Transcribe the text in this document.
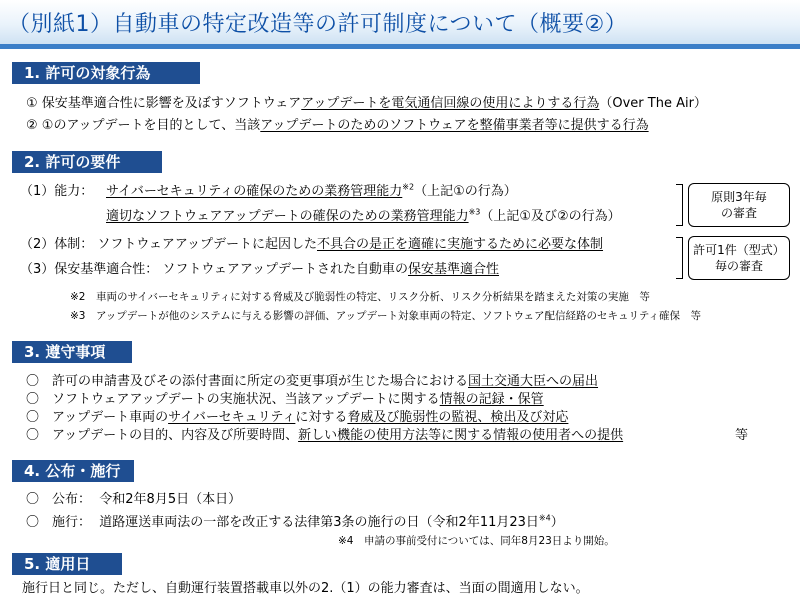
（別紙1）自動車の特定改造等の許可制度について（概要②）
1. 許可の対象行為
① 保安基準適合性に影響を及ぼすソフトウェアアップデートを電気通信回線の使用によりする行為（Over The Air）
② ①のアップデートを目的として、当該アップデートのためのソフトウェアを整備事業者等に提供する行為
2. 許可の要件
（1）能力： サイバーセキュリティの確保のための業務管理能力$^{※2}$（上記①の行為）
適切なソフトウェアアップデートの確保のための業務管理能力$^{※3}$（上記①及び②の行為）
原則3年毎
の審査
（2）体制： ソフトウェアアップデートに起因した不具合の是正を適確に実施するために必要な体制
（3）保安基準適合性： ソフトウェアアップデートされた自動車の保安基準適合性
許可1件（型式）
毎の審査
※2　車両のサイバーセキュリティに対する脅威及び脆弱性の特定、リスク分析、リスク分析結果を踏まえた対策の実施　等
※3　アップデートが他のシステムに与える影響の評価、アップデート対象車両の特定、ソフトウェア配信経路のセキュリティ確保　等
3. 遵守事項
〇 許可の申請書及びその添付書面に所定の変更事項が生じた場合における国土交通大臣への届出
〇 ソフトウェアアップデートの実施状況、当該アップデートに関する情報の記録・保管
〇 アップデート車両のサイバーセキュリティに対する脅威及び脆弱性の監視、検出及び対応
〇 アップデートの目的、内容及び所要時間、新しい機能の使用方法等に関する情報の使用者への提供	等
4. 公布・施行
〇 公布： 令和2年8月5日（本日）
〇 施行： 道路運送車両法の一部を改正する法律第3条の施行の日（令和2年11月23日$^{※4}$）
※4　申請の事前受付については、同年8月23日より開始。
5. 適用日
施行日と同じ。ただし、自動運行装置搭載車以外の2.（1）の能力審査は、当面の間適用しない。
